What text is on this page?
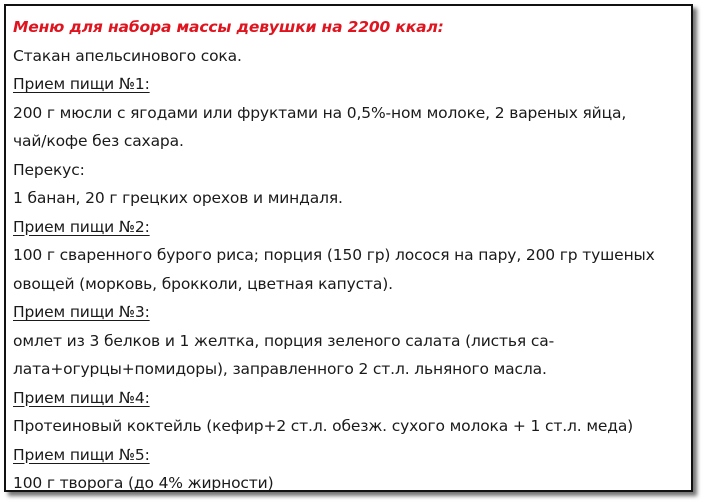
Меню для набора массы девушки на 2200 ккал:
Стакан апельсинового сока.
Прием пищи №1:
200 г мюсли с ягодами или фруктами на 0,5%-ном молоке, 2 вареных яйца,
чай/кофе без сахара.
Перекус:
1 банан, 20 г грецких орехов и миндаля.
Прием пищи №2:
100 г сваренного бурого риса; порция (150 гр) лосося на пару, 200 гр тушеных
овощей (морковь, брокколи, цветная капуста).
Прием пищи №3:
омлет из 3 белков и 1 желтка, порция зеленого салата (листья са-
лата+огурцы+помидоры), заправленного 2 ст.л. льняного масла.
Прием пищи №4:
Протеиновый коктейль (кефир+2 ст.л. обезж. сухого молока + 1 ст.л. меда)
Прием пищи №5:
100 г творога (до 4% жирности)
